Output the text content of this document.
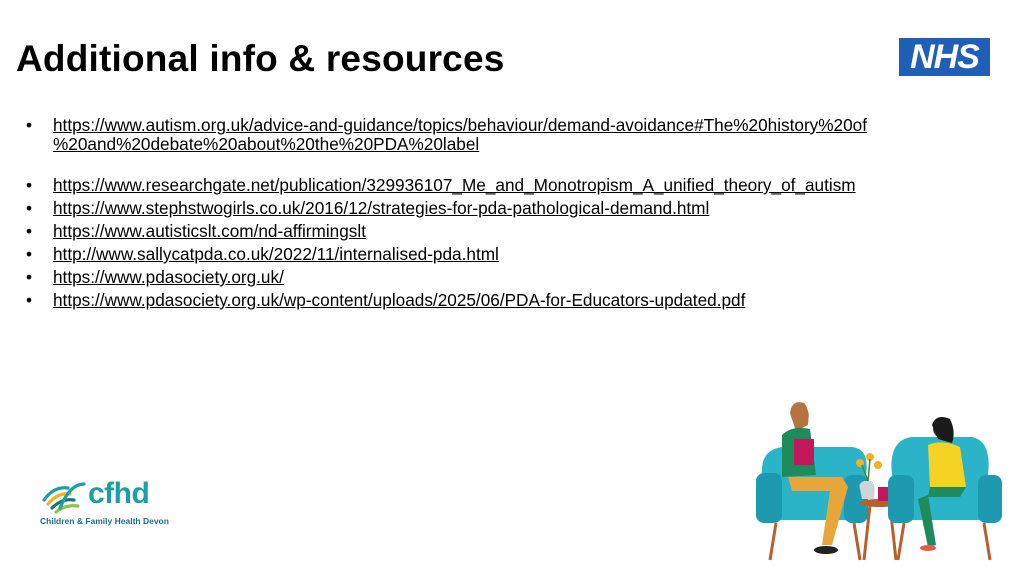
Additional info & resources	NHS
• https://www.autism.org.uk/advice-and-guidance/topics/behaviour/demand-avoidance#The%20history%20of
%20and%20debate%20about%20the%20PDA%20label
• https://www.researchgate.net/publication/329936107_Me_and_Monotropism_A_unified_theory_of_autism
• https://www.stephstwogirls.co.uk/2016/12/strategies-for-pda-pathological-demand.html
• https://www.autisticslt.com/nd-affirmingslt
• http://www.sallycatpda.co.uk/2022/11/internalised-pda.html
• https://www.pdasociety.org.uk/
• https://www.pdasociety.org.uk/wp-content/uploads/2025/06/PDA-for-Educators-updated.pdf
cfhd
Children & Family Health Devon
